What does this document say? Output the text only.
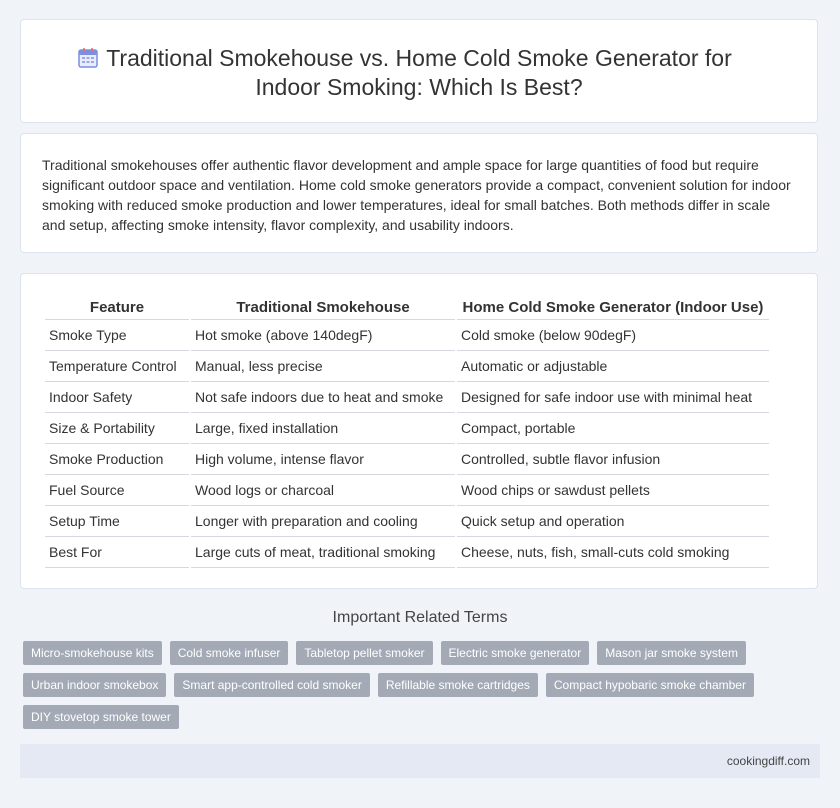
Traditional Smokehouse vs. Home Cold Smoke Generator for
Indoor Smoking: Which Is Best?

Traditional smokehouses offer authentic flavor development and ample space for large quantities of food but require significant outdoor space and ventilation. Home cold smoke generators provide a compact, convenient solution for indoor smoking with reduced smoke production and lower temperatures, ideal for small batches. Both methods differ in scale and setup, affecting smoke intensity, flavor complexity, and usability indoors.

Feature	Traditional Smokehouse	Home Cold Smoke Generator (Indoor Use)
Smoke Type	Hot smoke (above 140degF)	Cold smoke (below 90degF)
Temperature Control	Manual, less precise	Automatic or adjustable
Indoor Safety	Not safe indoors due to heat and smoke	Designed for safe indoor use with minimal heat
Size & Portability	Large, fixed installation	Compact, portable
Smoke Production	High volume, intense flavor	Controlled, subtle flavor infusion
Fuel Source	Wood logs or charcoal	Wood chips or sawdust pellets
Setup Time	Longer with preparation and cooling	Quick setup and operation
Best For	Large cuts of meat, traditional smoking	Cheese, nuts, fish, small-cuts cold smoking
Important Related Terms
Micro-smokehouse kits	Cold smoke infuser	Tabletop pellet smoker	Electric smoke generator	Mason jar smoke system
Urban indoor smokebox	Smart app-controlled cold smoker	Refillable smoke cartridges	Compact hypobaric smoke chamber
DIY stovetop smoke tower
cookingdiff.com
